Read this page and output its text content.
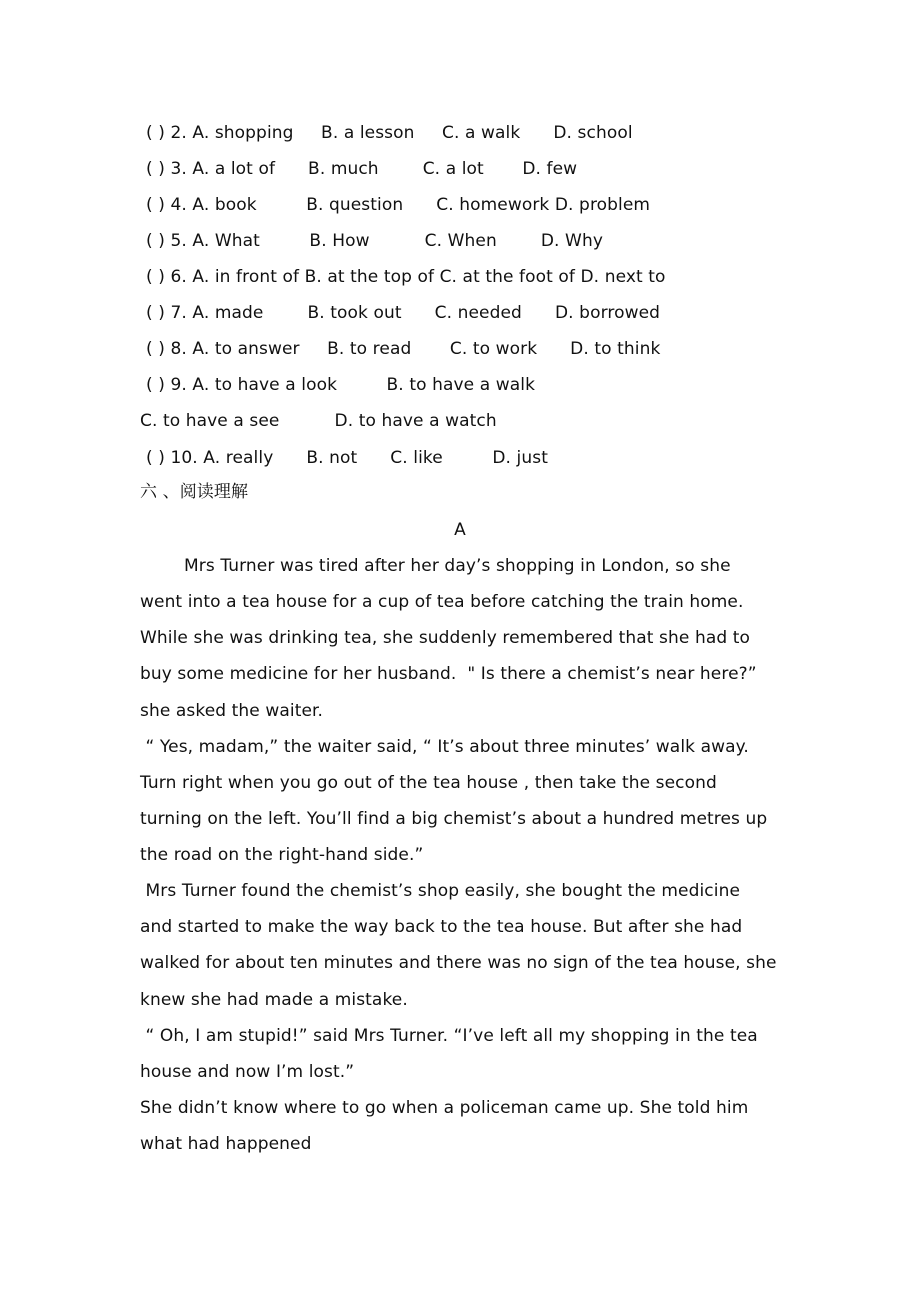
( ) 2. A. shopping     B. a lesson     C. a walk      D. school
( ) 3. A. a lot of      B. much        C. a lot       D. few
( ) 4. A. book         B. question      C. homework D. problem
( ) 5. A. What         B. How          C. When        D. Why
( ) 6. A. in front of B. at the top of C. at the foot of D. next to
( ) 7. A. made        B. took out      C. needed      D. borrowed
( ) 8. A. to answer     B. to read       C. to work      D. to think
( ) 9. A. to have a look         B. to have a walk
C. to have a see          D. to have a watch
( ) 10. A. really      B. not      C. like         D. just
六 、阅读理解
A
Mrs Turner was tired after her day’s shopping in London, so she
went into a tea house for a cup of tea before catching the train home.
While she was drinking tea, she suddenly remembered that she had to
buy some medicine for her husband.  " Is there a chemist’s near here?”
she asked the waiter.
“ Yes, madam,” the waiter said, “ It’s about three minutes’ walk away.
Turn right when you go out of the tea house , then take the second
turning on the left. You’ll find a big chemist’s about a hundred metres up
the road on the right-hand side.”
Mrs Turner found the chemist’s shop easily, she bought the medicine
and started to make the way back to the tea house. But after she had
walked for about ten minutes and there was no sign of the tea house, she
knew she had made a mistake.
“ Oh, I am stupid!” said Mrs Turner. “I’ve left all my shopping in the tea
house and now I’m lost.”
She didn’t know where to go when a policeman came up. She told him
what had happened
